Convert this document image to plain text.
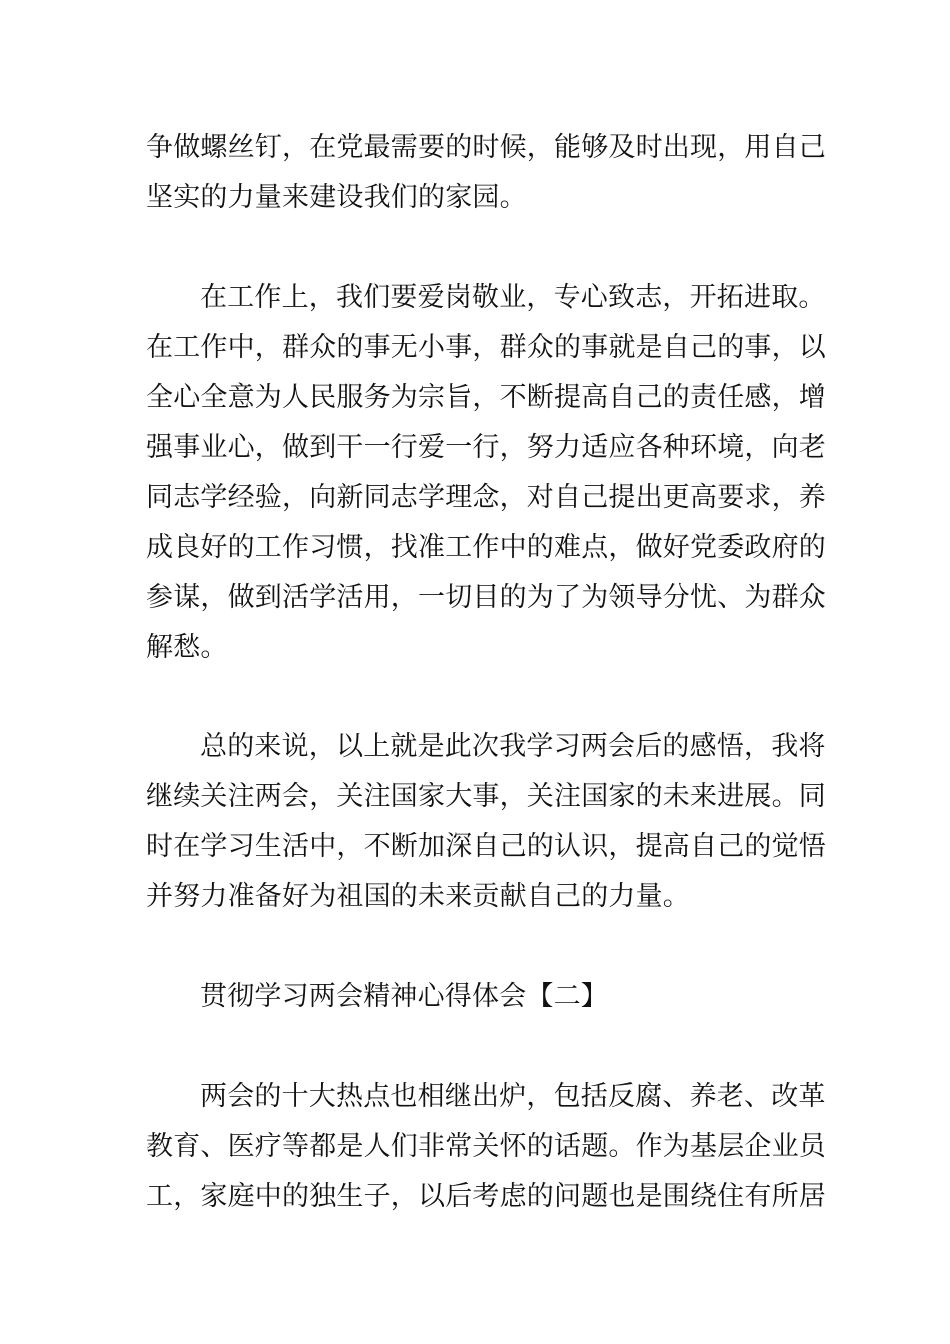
争做螺丝钉，在党最需要的时候，能够及时出现，用自己
坚实的力量来建设我们的家园。
在工作上，我们要爱岗敬业，专心致志，开拓进取。
在工作中，群众的事无小事，群众的事就是自己的事，以
全心全意为人民服务为宗旨，不断提高自己的责任感，增
强事业心，做到干一行爱一行，努力适应各种环境，向老
同志学经验，向新同志学理念，对自己提出更高要求，养
成良好的工作习惯，找准工作中的难点，做好党委政府的
参谋，做到活学活用，一切目的为了为领导分忧、为群众
解愁。
总的来说，以上就是此次我学习两会后的感悟，我将
继续关注两会，关注国家大事，关注国家的未来进展。同
时在学习生活中，不断加深自己的认识，提高自己的觉悟
并努力准备好为祖国的未来贡献自己的力量。
贯彻学习两会精神心得体会【二】
两会的十大热点也相继出炉，包括反腐、养老、改革
教育、医疗等都是人们非常关怀的话题。作为基层企业员
工，家庭中的独生子，以后考虑的问题也是围绕住有所居
